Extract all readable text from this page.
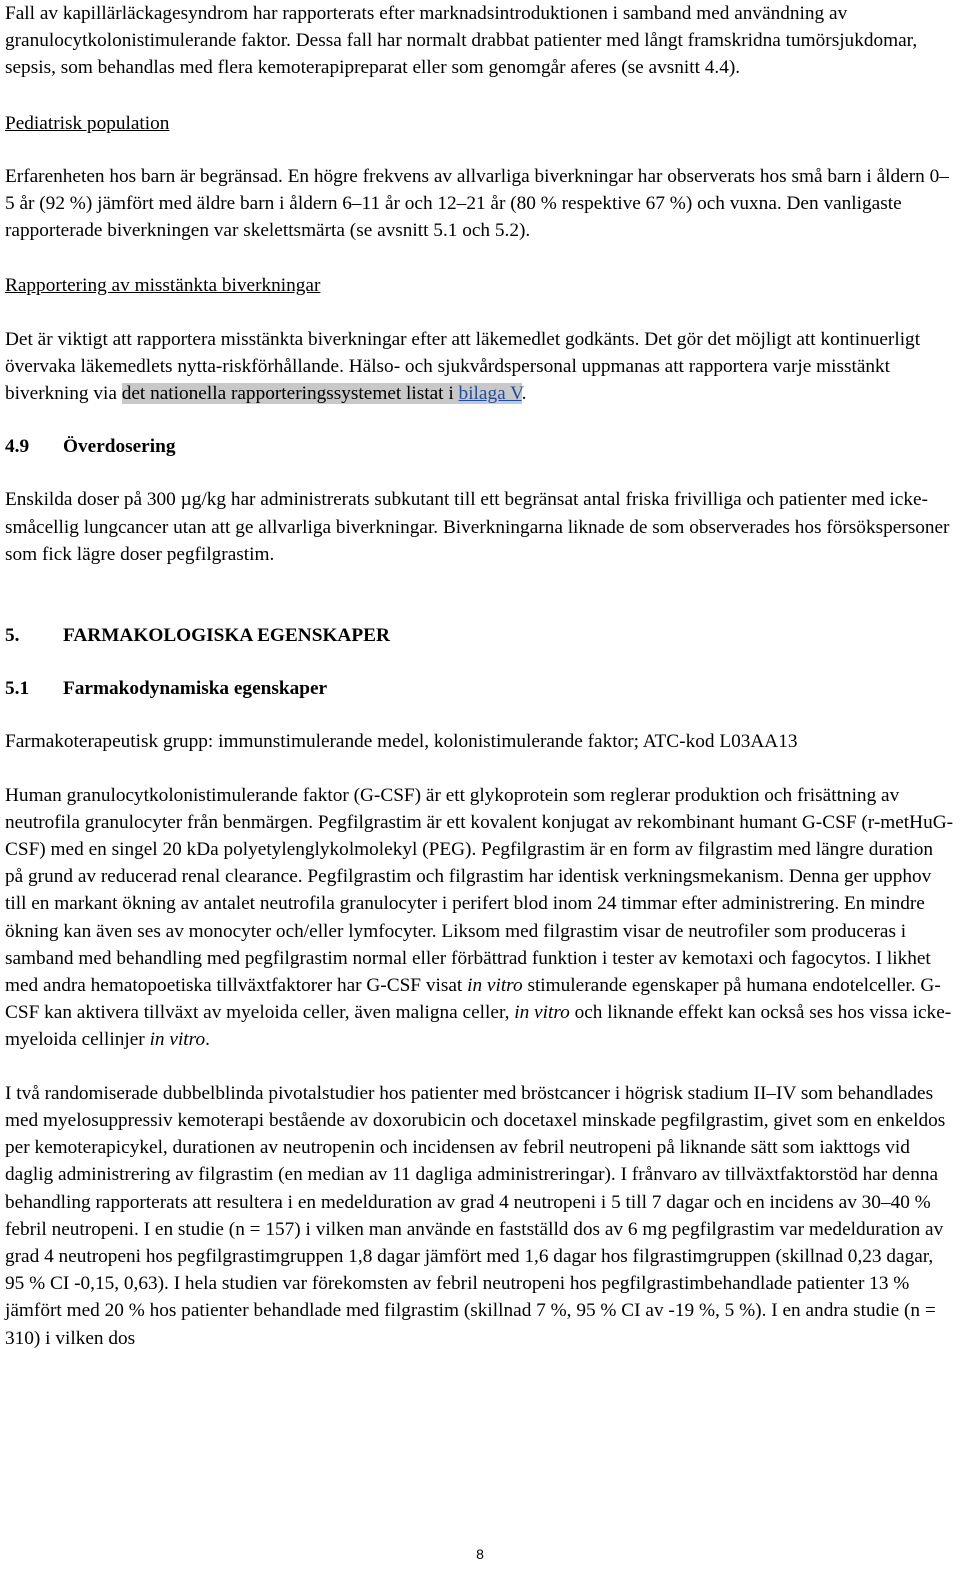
Fall av kapillärläckagesyndrom har rapporterats efter marknadsintroduktionen i samband med användning av granulocytkolonistimulerande faktor. Dessa fall har normalt drabbat patienter med långt framskridna tumörsjukdomar, sepsis, som behandlas med flera kemoterapipreparat eller som genomgår aferes (se avsnitt 4.4).

Pediatrisk population

Erfarenheten hos barn är begränsad. En högre frekvens av allvarliga biverkningar har observerats hos små barn i åldern 0–5 år (92 %) jämfört med äldre barn i åldern 6–11 år och 12–21 år (80 % respektive 67 %) och vuxna. Den vanligaste rapporterade biverkningen var skelettsmärta (se avsnitt 5.1 och 5.2).

Rapportering av misstänkta biverkningar

Det är viktigt att rapportera misstänkta biverkningar efter att läkemedlet godkänts. Det gör det möjligt att kontinuerligt övervaka läkemedlets nytta-riskförhållande. Hälso- och sjukvårdspersonal uppmanas att rapportera varje misstänkt biverkning via det nationella rapporteringssystemet listat i bilaga V.

4.9	Överdosering

Enskilda doser på 300 µg/kg har administrerats subkutant till ett begränsat antal friska frivilliga och patienter med icke-småcellig lungcancer utan att ge allvarliga biverkningar. Biverkningarna liknade de som observerades hos försökspersoner som fick lägre doser pegfilgrastim.

5.	FARMAKOLOGISKA EGENSKAPER
5.1	Farmakodynamiska egenskaper

Farmakoterapeutisk grupp: immunstimulerande medel, kolonistimulerande faktor; ATC-kod L03AA13

Human granulocytkolonistimulerande faktor (G-CSF) är ett glykoprotein som reglerar produktion och frisättning av neutrofila granulocyter från benmärgen. Pegfilgrastim är ett kovalent konjugat av rekombinant humant G-CSF (r-metHuG-CSF) med en singel 20 kDa polyetylenglykolmolekyl (PEG). Pegfilgrastim är en form av filgrastim med längre duration på grund av reducerad renal clearance. Pegfilgrastim och filgrastim har identisk verkningsmekanism. Denna ger upphov till en markant ökning av antalet neutrofila granulocyter i perifert blod inom 24 timmar efter administrering. En mindre ökning kan även ses av monocyter och/eller lymfocyter. Liksom med filgrastim visar de neutrofiler som produceras i samband med behandling med pegfilgrastim normal eller förbättrad funktion i tester av kemotaxi och fagocytos. I likhet med andra hematopoetiska tillväxtfaktorer har G-CSF visat in vitro stimulerande egenskaper på humana endotelceller. G-CSF kan aktivera tillväxt av myeloida celler, även maligna celler, in vitro och liknande effekt kan också ses hos vissa icke-myeloida cellinjer in vitro.

I två randomiserade dubbelblinda pivotalstudier hos patienter med bröstcancer i högrisk stadium II–IV som behandlades med myelosuppressiv kemoterapi bestående av doxorubicin och docetaxel minskade pegfilgrastim, givet som en enkeldos per kemoterapicykel, durationen av neutropenin och incidensen av febril neutropeni på liknande sätt som iakttogs vid daglig administrering av filgrastim (en median av 11 dagliga administreringar). I frånvaro av tillväxtfaktorstöd har denna behandling rapporterats att resultera i en medelduration av grad 4 neutropeni i 5 till 7 dagar och en incidens av 30–40 % febril neutropeni. I en studie (n = 157) i vilken man använde en fastställd dos av 6 mg pegfilgrastim var medelduration av grad 4 neutropeni hos pegfilgrastimgruppen 1,8 dagar jämfört med 1,6 dagar hos filgrastimgruppen (skillnad 0,23 dagar, 95 % CI -0,15, 0,63). I hela studien var förekomsten av febril neutropeni hos pegfilgrastimbehandlade patienter 13 % jämfört med 20 % hos patienter behandlade med filgrastim (skillnad 7 %, 95 % CI av -19 %, 5 %). I en andra studie (n = 310) i vilken dos

8
